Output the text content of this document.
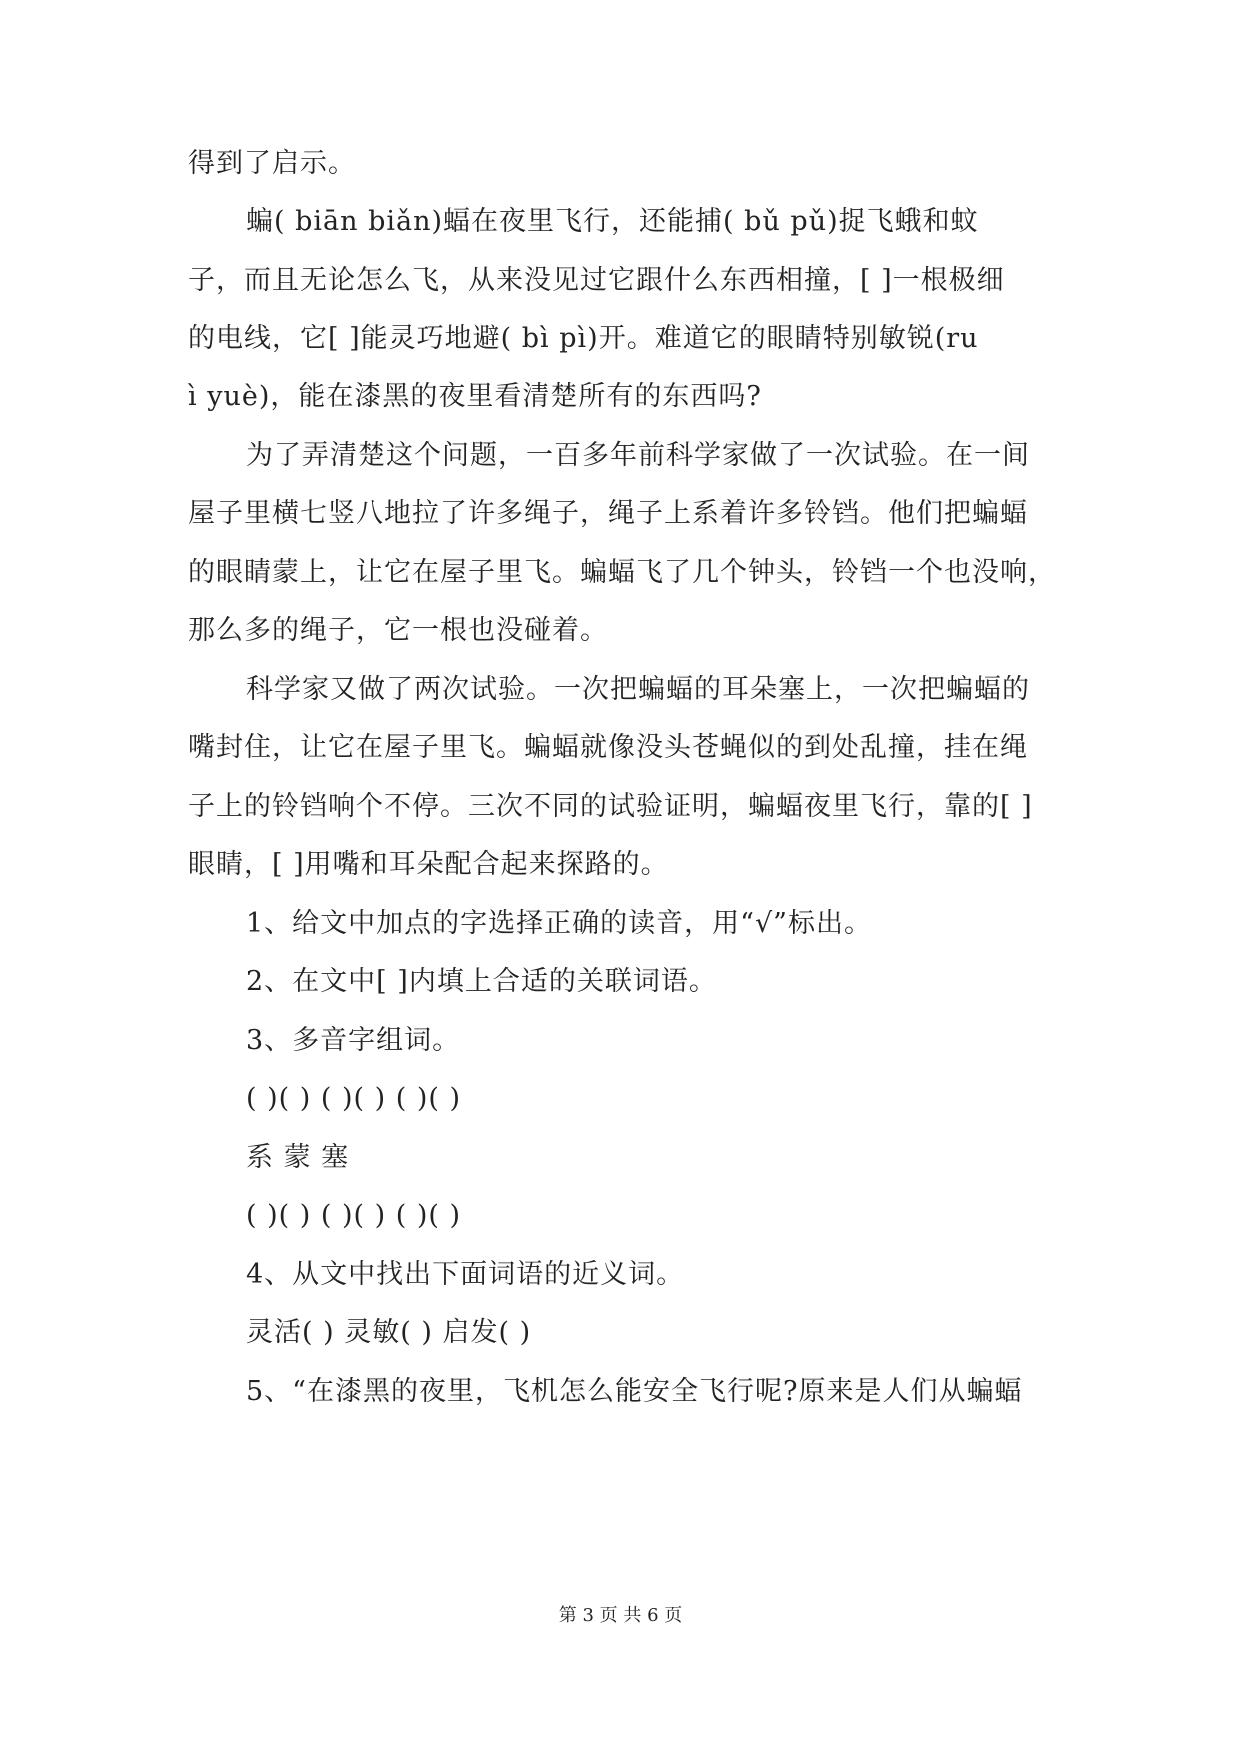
得到了启示。
蝙( biān biǎn)蝠在夜里飞行，还能捕( bǔ pǔ)捉飞蛾和蚊
子，而且无论怎么飞，从来没见过它跟什么东西相撞，[ ]一根极细
的电线，它[ ]能灵巧地避( bì pì)开。难道它的眼睛特别敏锐(ru
ì yuè)，能在漆黑的夜里看清楚所有的东西吗?
为了弄清楚这个问题，一百多年前科学家做了一次试验。在一间
屋子里横七竖八地拉了许多绳子，绳子上系着许多铃铛。他们把蝙蝠
的眼睛蒙上，让它在屋子里飞。蝙蝠飞了几个钟头，铃铛一个也没响，
那么多的绳子，它一根也没碰着。
科学家又做了两次试验。一次把蝙蝠的耳朵塞上，一次把蝙蝠的
嘴封住，让它在屋子里飞。蝙蝠就像没头苍蝇似的到处乱撞，挂在绳
子上的铃铛响个不停。三次不同的试验证明，蝙蝠夜里飞行，靠的[ ]
眼睛，[ ]用嘴和耳朵配合起来探路的。
1、给文中加点的字选择正确的读音，用“√”标出。
2、在文中[ ]内填上合适的关联词语。
3、多音字组词。
( )( ) ( )( ) ( )( )
系 蒙 塞
( )( ) ( )( ) ( )( )
4、从文中找出下面词语的近义词。
灵活( ) 灵敏( ) 启发( )
5、“在漆黑的夜里，飞机怎么能安全飞行呢?原来是人们从蝙蝠
第 3 页 共 6 页
